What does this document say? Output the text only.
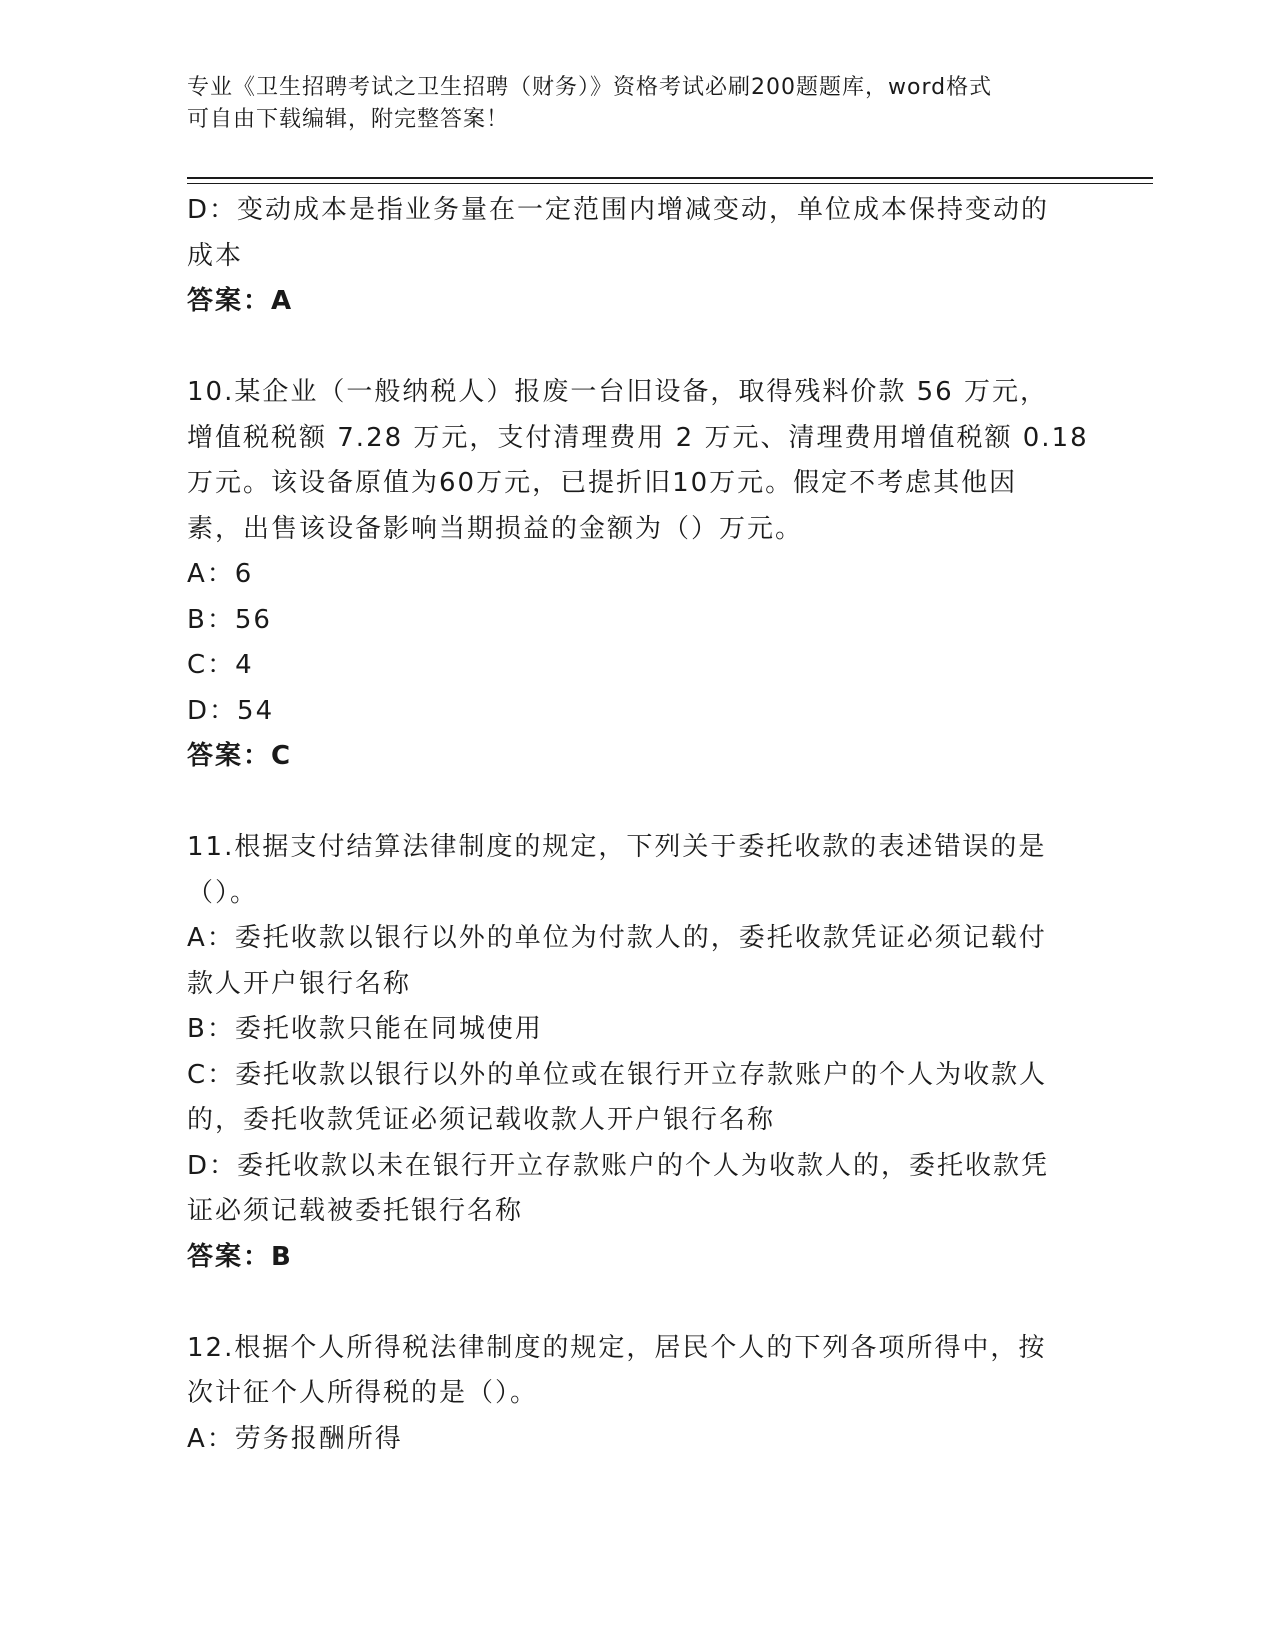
专业《卫生招聘考试之卫生招聘（财务）》资格考试必刷200题题库，word格式
可自由下载编辑，附完整答案！
D：变动成本是指业务量在一定范围内增减变动，单位成本保持变动的
成本
答案：A
10.某企业（一般纳税人）报废一台旧设备，取得残料价款 56 万元，
增值税税额 7.28 万元，支付清理费用 2 万元、清理费用增值税额 0.18
万元。该设备原值为60万元，已提折旧10万元。假定不考虑其他因
素，出售该设备影响当期损益的金额为（）万元。
A：6
B：56
C：4
D：54
答案：C
11.根据支付结算法律制度的规定，下列关于委托收款的表述错误的是
（）。
A：委托收款以银行以外的单位为付款人的，委托收款凭证必须记载付
款人开户银行名称
B：委托收款只能在同城使用
C：委托收款以银行以外的单位或在银行开立存款账户的个人为收款人
的，委托收款凭证必须记载收款人开户银行名称
D：委托收款以未在银行开立存款账户的个人为收款人的，委托收款凭
证必须记载被委托银行名称
答案：B
12.根据个人所得税法律制度的规定，居民个人的下列各项所得中，按
次计征个人所得税的是（）。
A：劳务报酬所得
